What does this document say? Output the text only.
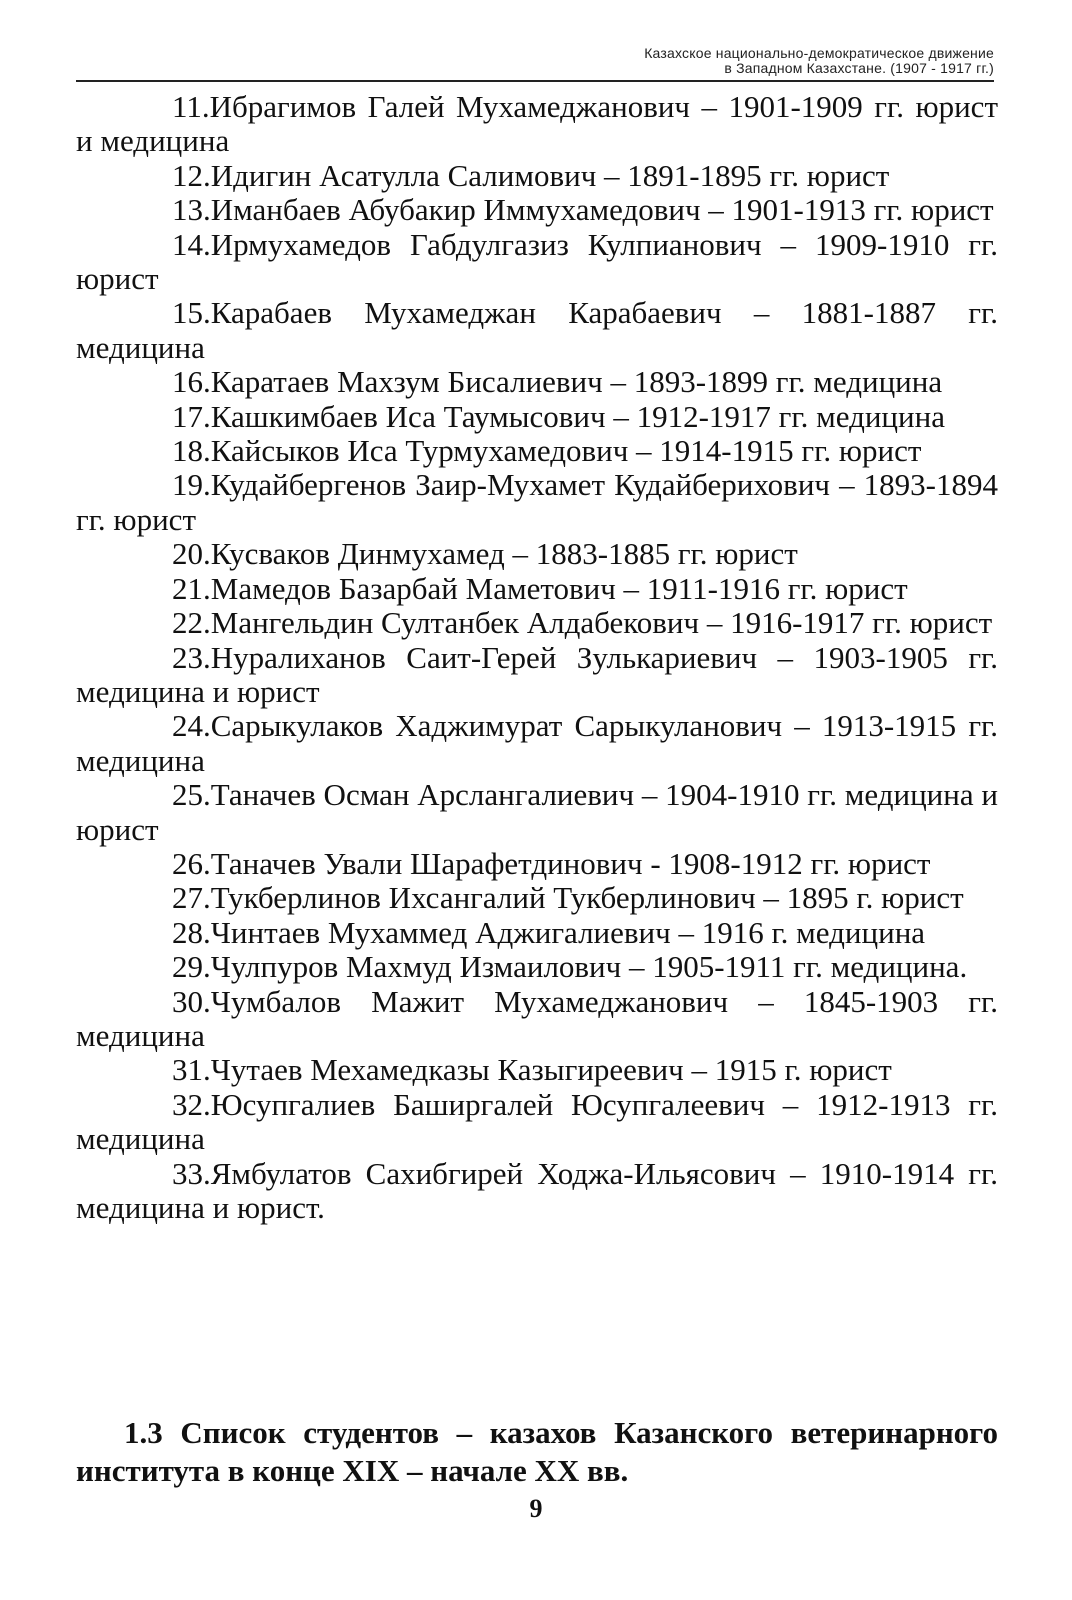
Казахское национально-демократическое движение
в Западном Казахстане. (1907 - 1917 гг.)

11.Ибрагимов Галей Мухамеджанович – 1901-1909 гг. юрист и медицина

12.Идигин Асатулла Салимович – 1891-1895 гг. юрист

13.Иманбаев Абубакир Иммухамедович – 1901-1913 гг. юрист

14.Ирмухамедов Габдулгазиз Кулпианович – 1909-1910 гг. юрист

15.Карабаев Мухамеджан Карабаевич – 1881-1887 гг. медицина

16.Каратаев Махзум Бисалиевич – 1893-1899 гг. медицина

17.Кашкимбаев Иса Таумысович – 1912-1917 гг. медицина

18.Кайсыков Иса Турмухамедович – 1914-1915 гг. юрист

19.Кудайбергенов Заир-Мухамет Кудайберихович – 1893-1894 гг. юрист

20.Кусваков Динмухамед – 1883-1885 гг. юрист

21.Мамедов Базарбай Маметович – 1911-1916 гг. юрист

22.Мангельдин Султанбек Алдабекович – 1916-1917 гг. юрист

23.Нуралиханов Саит-Герей Зулькариевич – 1903-1905 гг. медицина и юрист

24.Сарыкулаков Хаджимурат Сарыкуланович – 1913-1915 гг. медицина

25.Таначев Осман Арслангалиевич – 1904-1910 гг. медицина и юрист

26.Таначев Ували Шарафетдинович - 1908-1912 гг. юрист

27.Тукберлинов Ихсангалий Тукберлинович – 1895 г. юрист

28.Чинтаев Мухаммед Аджигалиевич – 1916 г. медицина

29.Чулпуров Махмуд Измаилович – 1905-1911 гг. медицина.

30.Чумбалов Мажит Мухамеджанович – 1845-1903 гг. медицина

31.Чутаев Мехамедказы Казыгиреевич – 1915 г. юрист

32.Юсупгалиев Баширгалей Юсупгалеевич – 1912-1913 гг. медицина

33.Ямбулатов Сахибгирей Ходжа-Ильясович – 1910-1914 гг. медицина и юрист.

1.3 Список студентов – казахов Казанского ветеринарного института в конце XIX – начале XX вв.

9
